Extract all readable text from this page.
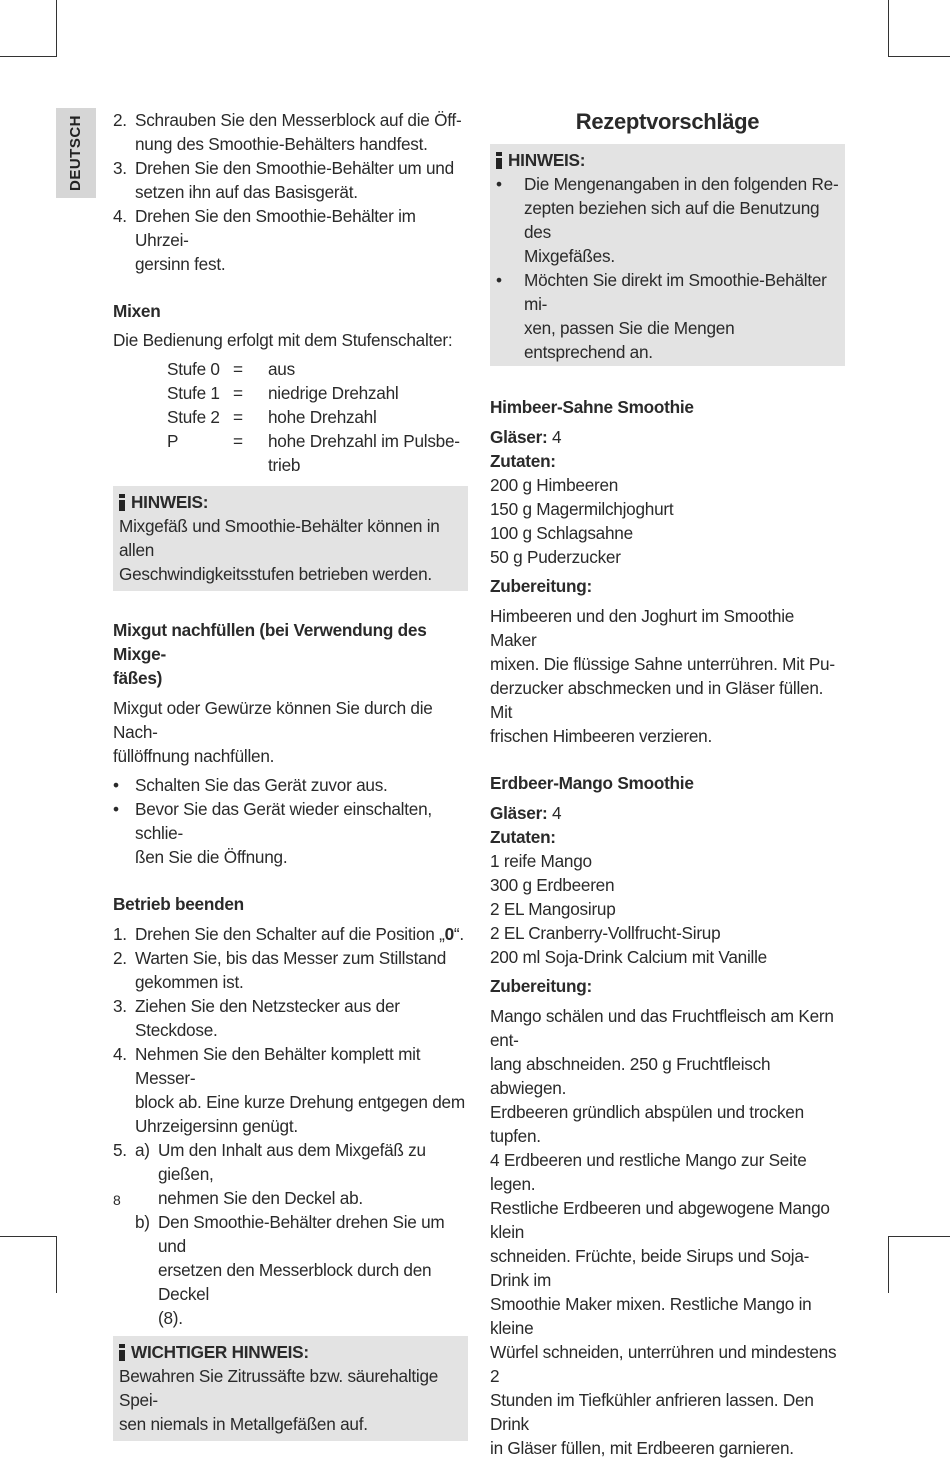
DEUTSCH 2. Schrauben Sie den Messerblock auf die Öff-
nung des Smoothie-Behälters handfest.
3. Drehen Sie den Smoothie-Behälter um und
setzen ihn auf das Basisgerät.
4. Drehen Sie den Smoothie-Behälter im Uhrzei-
gersinn fest.
Mixen

Die Bedienung erfolgt mit dem Stufenschalter:

Stufe 0 =	aus
Stufe 1 =	niedrige Drehzahl
Stufe 2 =	hohe Drehzahl
P	=	hohe Drehzahl im Pulsbe-
trieb
HINWEIS:
Mixgefäß und Smoothie-Behälter können in allen
Geschwindigkeitsstufen betrieben werden.
Mixgut nachfüllen (bei Verwendung des Mixge-
fäßes)

Mixgut oder Gewürze können Sie durch die Nach-
füllöffnung nachfüllen.

• Schalten Sie das Gerät zuvor aus.
• Bevor Sie das Gerät wieder einschalten, schlie-
ßen Sie die Öffnung.
Betrieb beenden
1. Drehen Sie den Schalter auf die Position „0“.
2. Warten Sie, bis das Messer zum Stillstand
gekommen ist.
3. Ziehen Sie den Netzstecker aus der Steckdose.
4. Nehmen Sie den Behälter komplett mit Messer-
block ab. Eine kurze Drehung entgegen dem
Uhrzeigersinn genügt.
5. a) Um den Inhalt aus dem Mixgefäß zu gießen,
nehmen Sie den Deckel ab.
b) Den Smoothie-Behälter drehen Sie um und
ersetzen den Messerblock durch den Deckel
(8).
WICHTIGER HINWEIS:
Bewahren Sie Zitrussäfte bzw. säurehaltige Spei-
sen niemals in Metallgefäßen auf.
Rezeptvorschläge
HINWEIS:
•	Die Mengenangaben in den folgenden Re-
zepten beziehen sich auf die Benutzung des
Mixgefäßes.
•	Möchten Sie direkt im Smoothie-Behälter mi-
xen, passen Sie die Mengen entsprechend an.
Himbeer-Sahne Smoothie

Gläser: 4

Zutaten:

200 g Himbeeren
150 g Magermilchjoghurt
100 g Schlagsahne
50 g Puderzucker

Zubereitung:

Himbeeren und den Joghurt im Smoothie Maker
mixen. Die flüssige Sahne unterrühren. Mit Pu-
derzucker abschmecken und in Gläser füllen. Mit
frischen Himbeeren verzieren.
Erdbeer-Mango Smoothie

Gläser: 4

Zutaten:

1 reife Mango
300 g Erdbeeren
2 EL Mangosirup
2 EL Cranberry-Vollfrucht-Sirup
200 ml Soja-Drink Calcium mit Vanille

Zubereitung:

Mango schälen und das Fruchtfleisch am Kern ent-
lang abschneiden. 250 g Fruchtfleisch abwiegen.
Erdbeeren gründlich abspülen und trocken tupfen.
4 Erdbeeren und restliche Mango zur Seite legen.
Restliche Erdbeeren und abgewogene Mango klein
schneiden. Früchte, beide Sirups und Soja-Drink im
Smoothie Maker mixen. Restliche Mango in kleine
Würfel schneiden, unterrühren und mindestens 2
Stunden im Tiefkühler anfrieren lassen. Den Drink
in Gläser füllen, mit Erdbeeren garnieren.
8
